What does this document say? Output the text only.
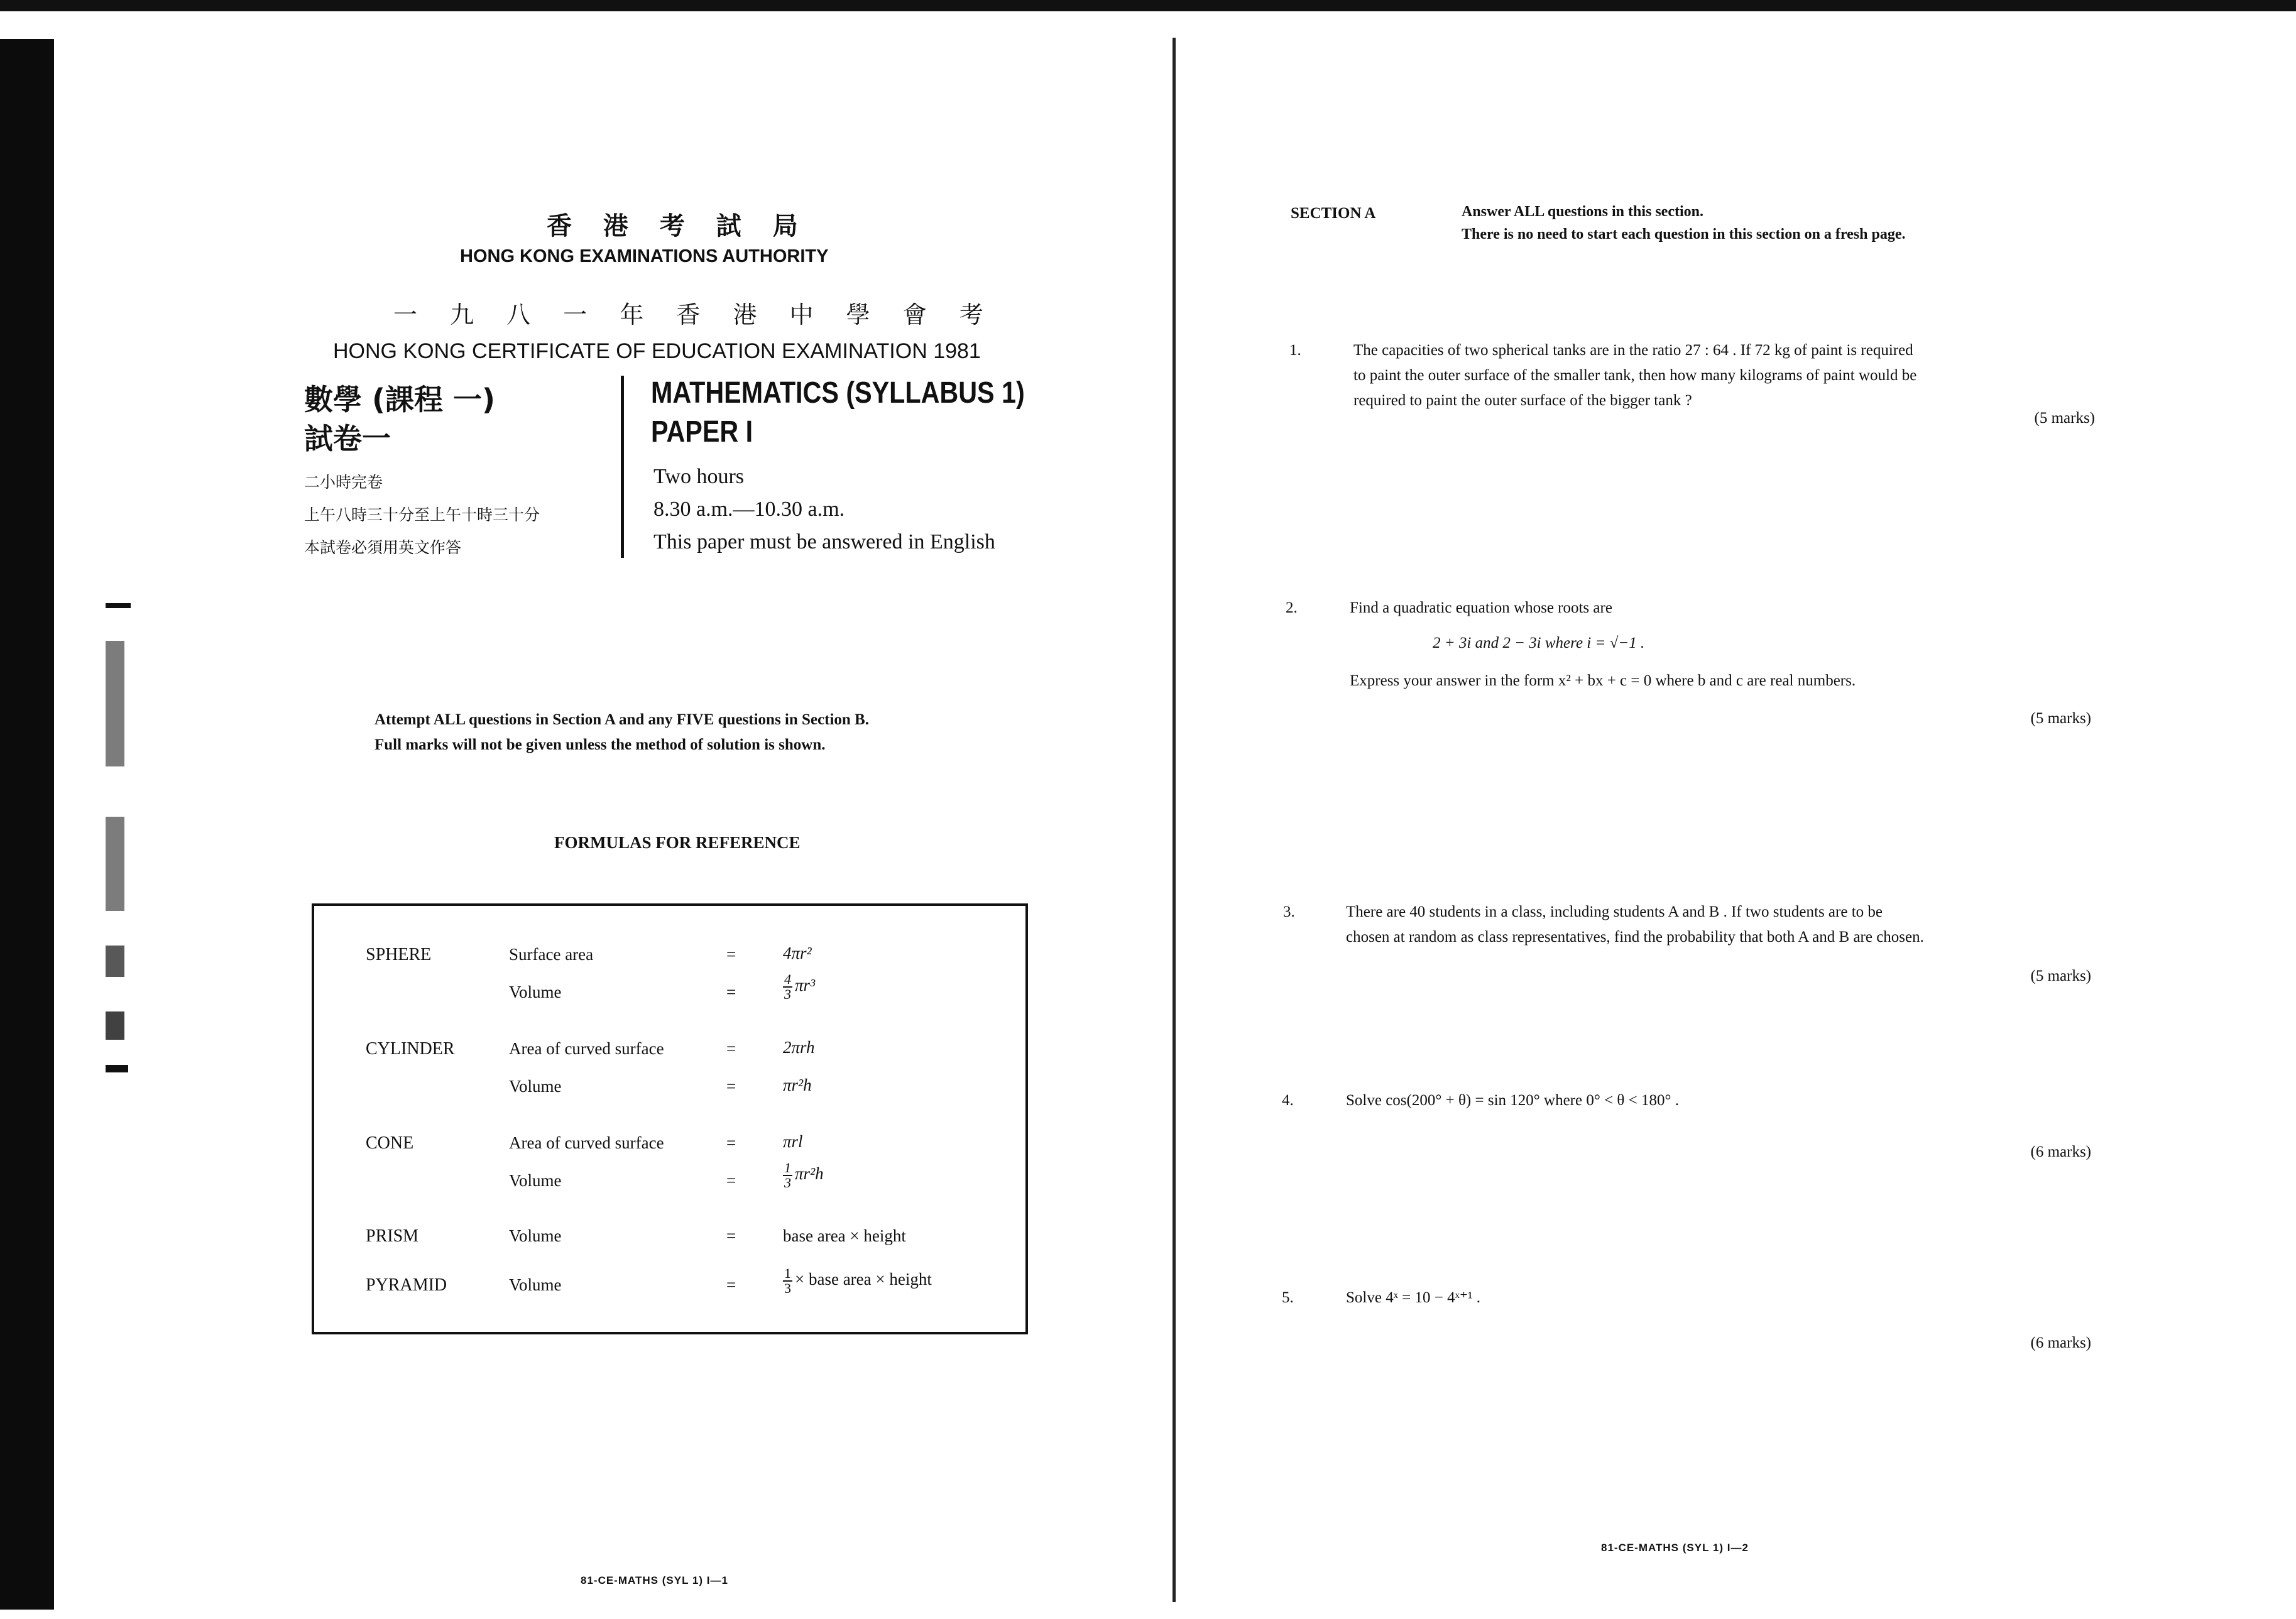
香 港 考 試 局
HONG KONG EXAMINATIONS AUTHORITY
一 九 八 一 年 香 港 中 學 會 考
HONG KONG CERTIFICATE OF EDUCATION EXAMINATION 1981
數學 (課程 一)
試卷一
MATHEMATICS (SYLLABUS 1)
PAPER I
二小時完卷
上午八時三十分至上午十時三十分
本試卷必須用英文作答
Two hours
8.30 a.m.—10.30 a.m.
This paper must be answered in English
Attempt ALL questions in Section A and any FIVE questions in Section B.
Full marks will not be given unless the method of solution is shown.
FORMULAS FOR REFERENCE
SPHERE	Surface area	=	4πr²
Volume	=	$\frac{4}{3} \pi r^3$
CYLINDER	Area of curved surface	=	2πrh
Volume	=	πr²h
CONE	Area of curved surface	=	πrl
Volume	=	$\frac{1}{3} \pi r^2h$
PRISM	Volume	=	base area × height
PYRAMID	Volume	=	$\frac{1}{3}$ × base area × height
81-CE-MATHS (SYL 1) I—1
SECTION A	Answer ALL questions in this section.
There is no need to start each question in this section on a fresh page.
1.	The capacities of two spherical tanks are in the ratio 27 : 64 . If 72 kg of paint is required
to paint the outer surface of the smaller tank, then how many kilograms of paint would be
required to paint the outer surface of the bigger tank ?
(5 marks)
2.	Find a quadratic equation whose roots are
2 + 3i and 2 − 3i where i = √−1 .
Express your answer in the form x² + bx + c = 0 where b and c are real numbers.
(5 marks)
3.	There are 40 students in a class, including students A and B . If two students are to be
chosen at random as class representatives, find the probability that both A and B are chosen.
(5 marks)
4.	Solve cos(200° + θ) = sin 120° where 0° < θ < 180° .
(6 marks)
5.	Solve 4ˣ = 10 − 4ˣ⁺¹ .
(6 marks)
81-CE-MATHS (SYL 1) I—2
